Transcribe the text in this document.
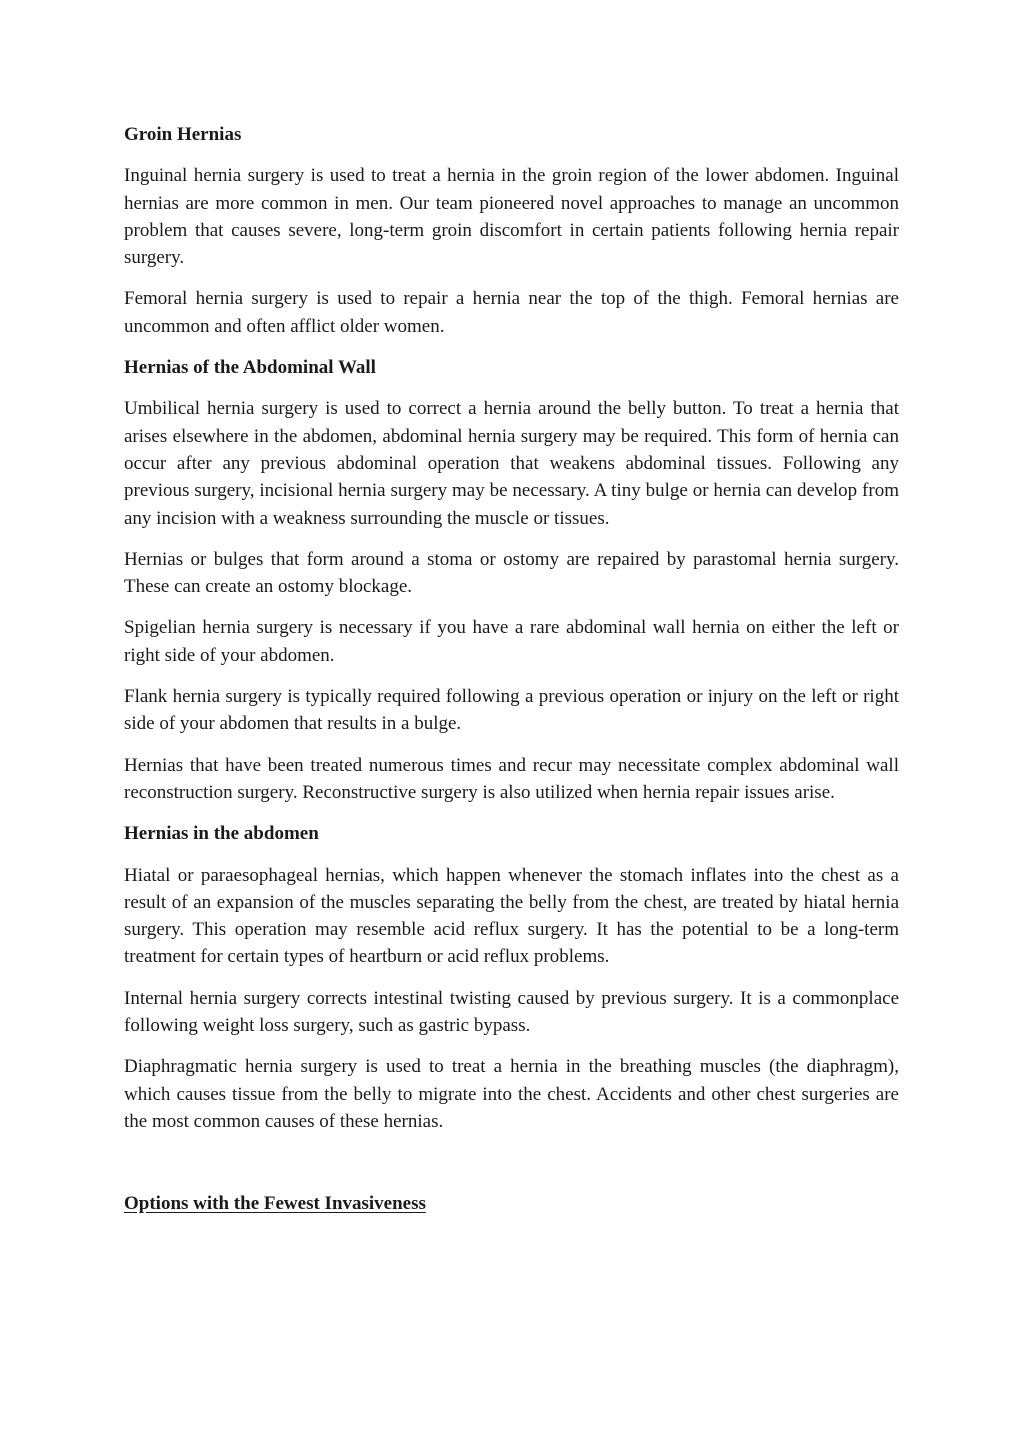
Groin Hernias

Inguinal hernia surgery is used to treat a hernia in the groin region of the lower abdomen. Inguinal hernias are more common in men. Our team pioneered novel approaches to manage an uncommon problem that causes severe, long-term groin discomfort in certain patients following hernia repair surgery.

Femoral hernia surgery is used to repair a hernia near the top of the thigh. Femoral hernias are uncommon and often afflict older women.

Hernias of the Abdominal Wall

Umbilical hernia surgery is used to correct a hernia around the belly button. To treat a hernia that arises elsewhere in the abdomen, abdominal hernia surgery may be required. This form of hernia can occur after any previous abdominal operation that weakens abdominal tissues. Following any previous surgery, incisional hernia surgery may be necessary. A tiny bulge or hernia can develop from any incision with a weakness surrounding the muscle or tissues.

Hernias or bulges that form around a stoma or ostomy are repaired by parastomal hernia surgery. These can create an ostomy blockage.

Spigelian hernia surgery is necessary if you have a rare abdominal wall hernia on either the left or right side of your abdomen.

Flank hernia surgery is typically required following a previous operation or injury on the left or right side of your abdomen that results in a bulge.

Hernias that have been treated numerous times and recur may necessitate complex abdominal wall reconstruction surgery. Reconstructive surgery is also utilized when hernia repair issues arise.

Hernias in the abdomen

Hiatal or paraesophageal hernias, which happen whenever the stomach inflates into the chest as a result of an expansion of the muscles separating the belly from the chest, are treated by hiatal hernia surgery. This operation may resemble acid reflux surgery. It has the potential to be a long-term treatment for certain types of heartburn or acid reflux problems.

Internal hernia surgery corrects intestinal twisting caused by previous surgery. It is a commonplace following weight loss surgery, such as gastric bypass.

Diaphragmatic hernia surgery is used to treat a hernia in the breathing muscles (the diaphragm), which causes tissue from the belly to migrate into the chest. Accidents and other chest surgeries are the most common causes of these hernias.

Options with the Fewest Invasiveness
